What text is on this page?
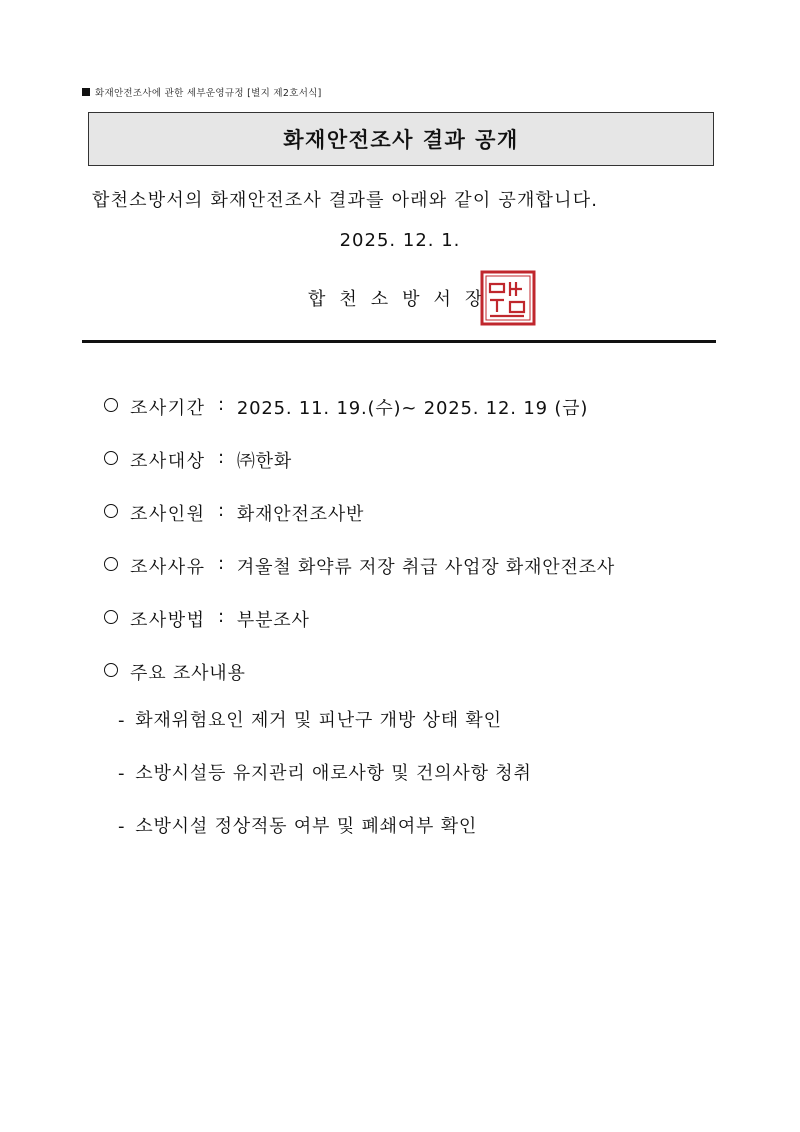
화재안전조사에 관한 세부운영규정 [별지 제2호서식]
화재안전조사 결과 공개
합천소방서의 화재안전조사 결과를 아래와 같이 공개합니다.
2025. 12. 1.
합천소방서장
조사기간 : 2025. 11. 19.(수)~ 2025. 12. 19 (금)
조사대상 : ㈜한화
조사인원 : 화재안전조사반
조사사유 : 겨울철 화약류 저장 취급 사업장 화재안전조사
조사방법 : 부분조사
주요 조사내용
- 화재위험요인 제거 및 피난구 개방 상태 확인
- 소방시설등 유지관리 애로사항 및 건의사항 청취
- 소방시설 정상적동 여부 및 폐쇄여부 확인
